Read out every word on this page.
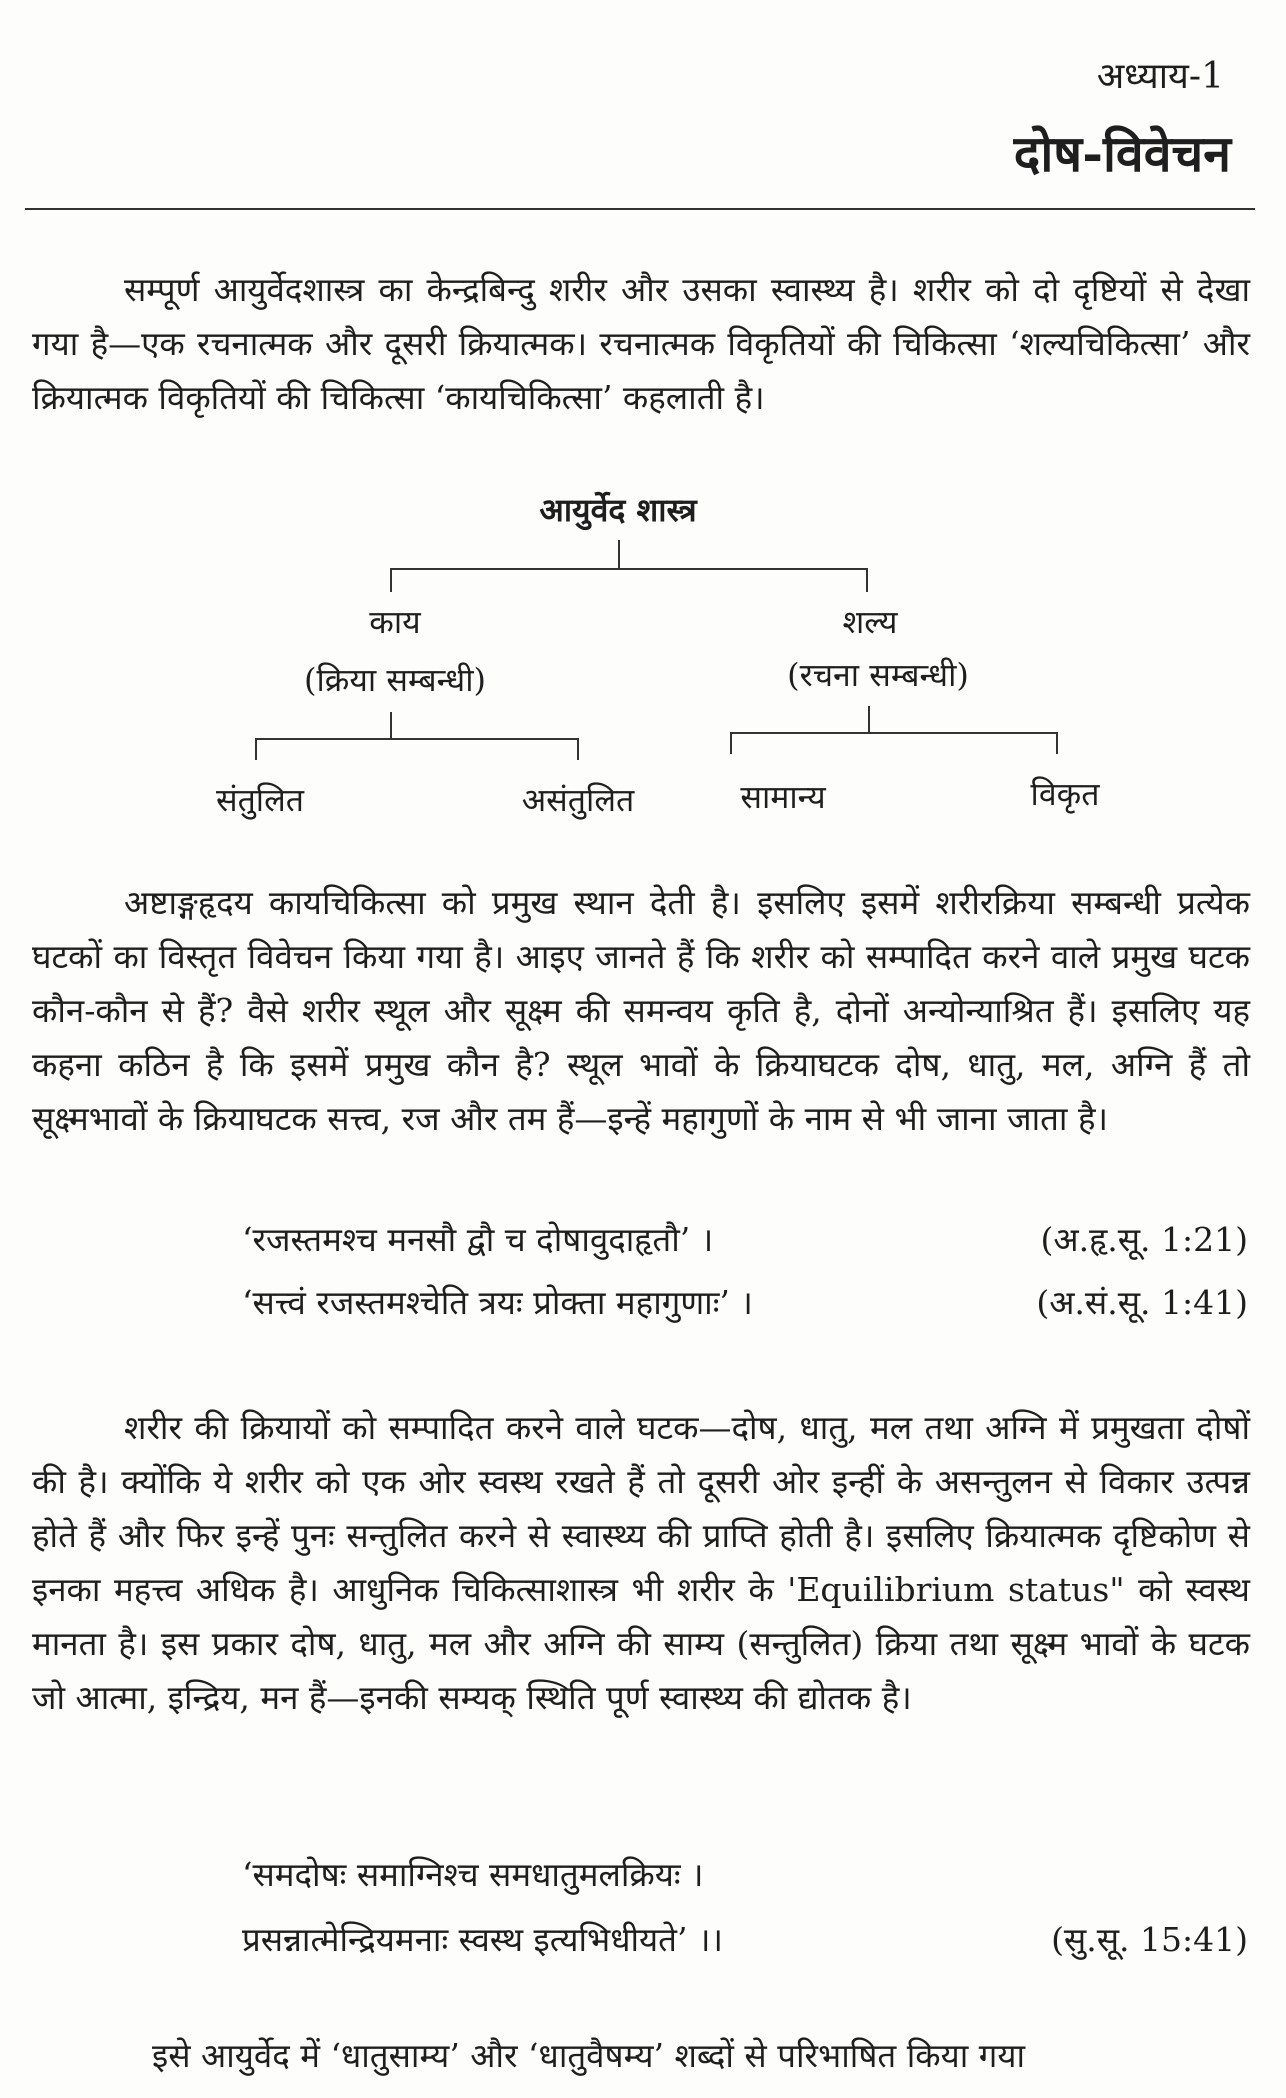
अध्याय-1
दोष-विवेचन

सम्पूर्ण आयुर्वेदशास्त्र का केन्द्रबिन्दु शरीर और उसका स्वास्थ्य है। शरीर को दो दृष्टियों से देखा गया है—एक रचनात्मक और दूसरी क्रियात्मक। रचनात्मक विकृतियों की चिकित्सा ‘शल्यचिकित्सा’ और क्रियात्मक विकृतियों की चिकित्सा ‘कायचिकित्सा’ कहलाती है।

आयुर्वेद शास्त्र
काय
(क्रिया सम्बन्धी)
शल्य
(रचना सम्बन्धी)
संतुलित	असंतुलित	सामान्य	विकृत

अष्टाङ्गहृदय कायचिकित्सा को प्रमुख स्थान देती है। इसलिए इसमें शरीरक्रिया सम्बन्धी प्रत्येक घटकों का विस्तृत विवेचन किया गया है। आइए जानते हैं कि शरीर को सम्पादित करने वाले प्रमुख घटक कौन-कौन से हैं? वैसे शरीर स्थूल और सूक्ष्म की समन्वय कृति है, दोनों अन्योन्याश्रित हैं। इसलिए यह कहना कठिन है कि इसमें प्रमुख कौन है? स्थूल भावों के क्रियाघटक दोष, धातु, मल, अग्नि हैं तो सूक्ष्मभावों के क्रियाघटक सत्त्व, रज और तम हैं—इन्हें महागुणों के नाम से भी जाना जाता है।

‘रजस्तमश्च मनसौ द्वौ च दोषावुदाहृतौ’ ।	(अ.हृ.सू. 1:21)
‘सत्त्वं रजस्तमश्चेति त्रयः प्रोक्ता महागुणाः’ ।	(अ.सं.सू. 1:41)

शरीर की क्रियायों को सम्पादित करने वाले घटक—दोष, धातु, मल तथा अग्नि में प्रमुखता दोषों की है। क्योंकि ये शरीर को एक ओर स्वस्थ रखते हैं तो दूसरी ओर इन्हीं के असन्तुलन से विकार उत्पन्न होते हैं और फिर इन्हें पुनः सन्तुलित करने से स्वास्थ्य की प्राप्ति होती है। इसलिए क्रियात्मक दृष्टिकोण से इनका महत्त्व अधिक है। आधुनिक चिकित्साशास्त्र भी शरीर के 'Equilibrium status" को स्वस्थ मानता है। इस प्रकार दोष, धातु, मल और अग्नि की साम्य (सन्तुलित) क्रिया तथा सूक्ष्म भावों के घटक जो आत्मा, इन्द्रिय, मन हैं—इनकी सम्यक् स्थिति पूर्ण स्वास्थ्य की द्योतक है।

‘समदोषः समाग्निश्च समधातुमलक्रियः ।
प्रसन्नात्मेन्द्रियमनाः स्वस्थ इत्यभिधीयते’ ।।	(सु.सू. 15:41)

इसे आयुर्वेद में ‘धातुसाम्य’ और ‘धातुवैषम्य’ शब्दों से परिभाषित किया गया
